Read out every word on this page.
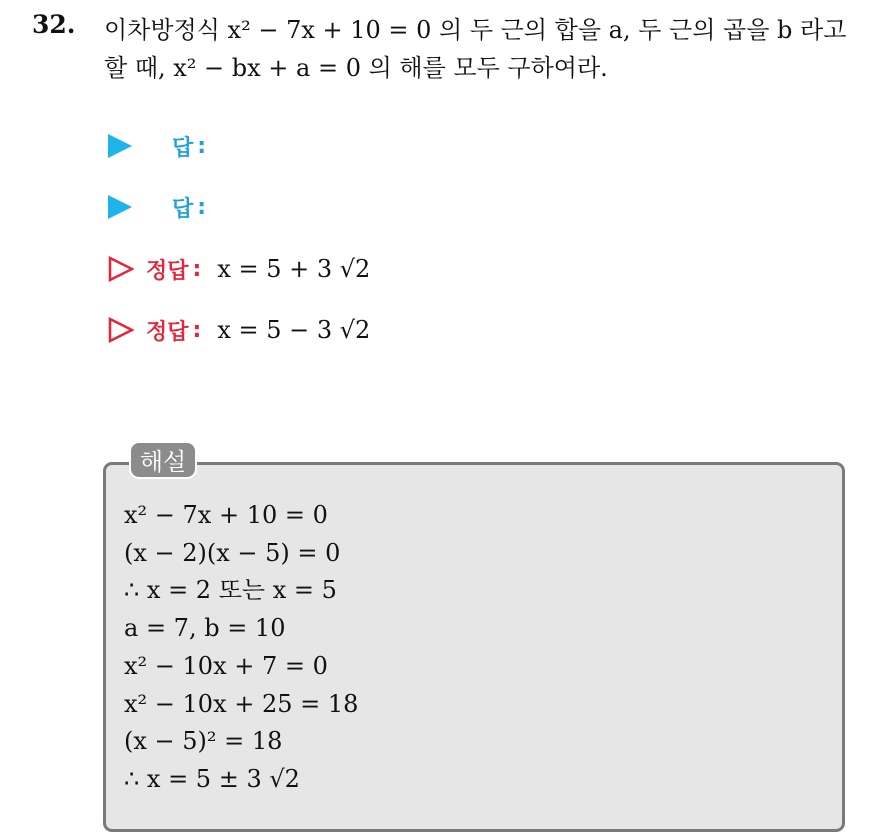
32. 이차방정식 x² − 7x + 10 = 0 의 두 근의 합을 a, 두 근의 곱을 b 라고
할 때, x² − bx + a = 0 의 해를 모두 구하여라.
답 :
답 :
정답 : x = 5 + 3 √2
정답 : x = 5 − 3 √2
해설
x² − 7x + 10 = 0
(x − 2)(x − 5) = 0
∴ x = 2 또는 x = 5
a = 7, b = 10
x² − 10x + 7 = 0
x² − 10x + 25 = 18
(x − 5)² = 18
∴ x = 5 ± 3 √2
